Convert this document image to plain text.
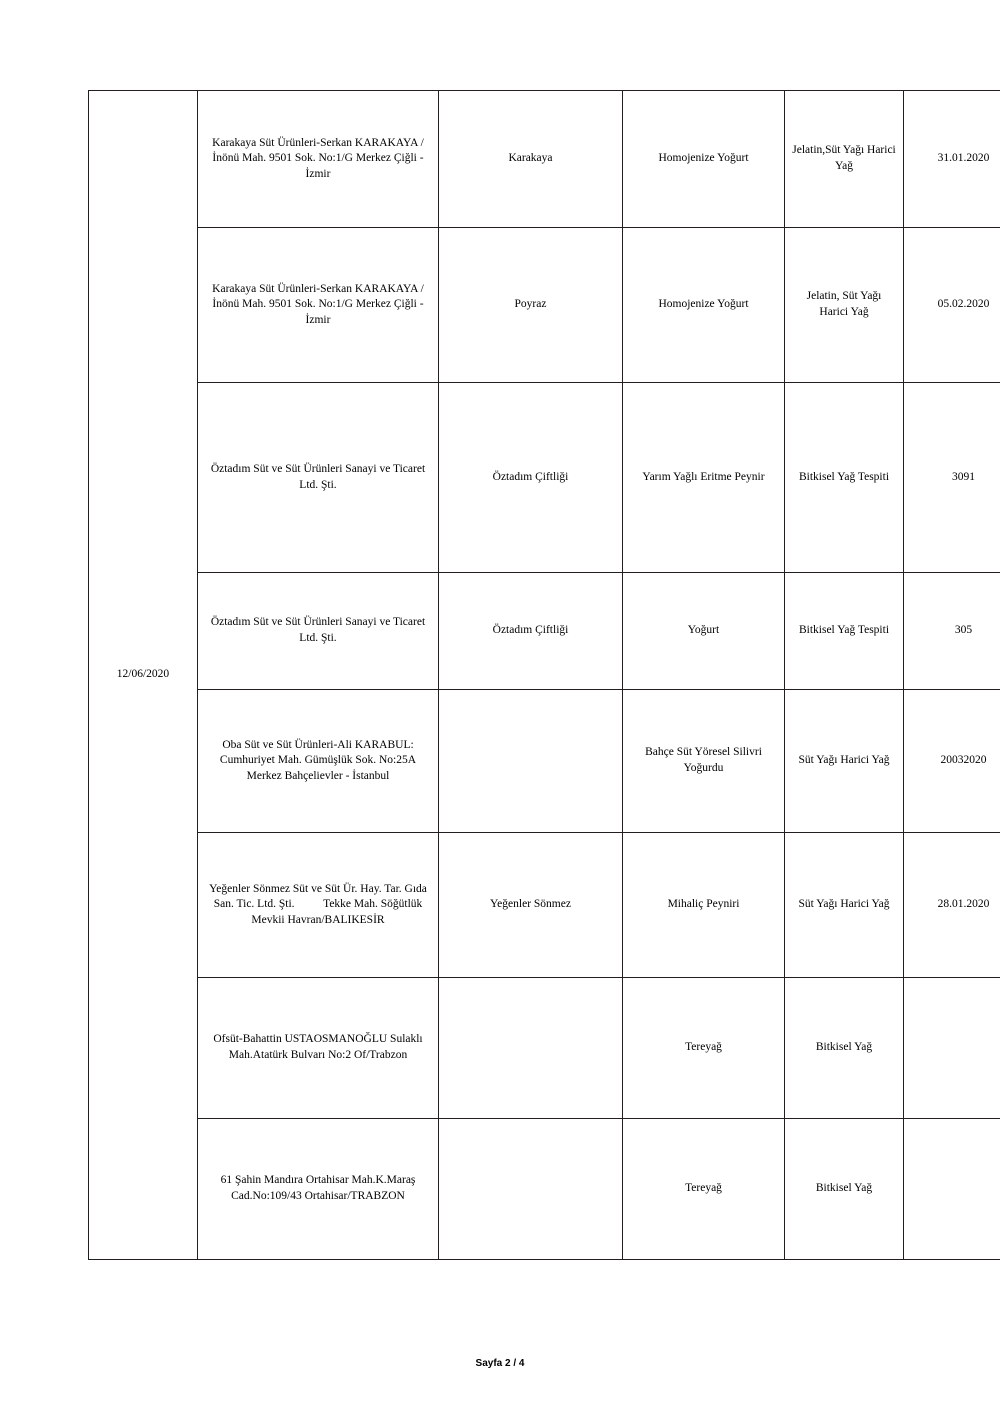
12/06/2020	Karakaya Süt Ürünleri-Serkan KARAKAYA / İnönü Mah. 9501 Sok. No:1/G Merkez Çiğli - İzmir	Karakaya	Homojenize Yoğurt	Jelatin,Süt Yağı Harici Yağ	31.01.2020
	Karakaya Süt Ürünleri-Serkan KARAKAYA / İnönü Mah. 9501 Sok. No:1/G Merkez Çiğli - İzmir	Poyraz	Homojenize Yoğurt	Jelatin, Süt Yağı Harici Yağ	05.02.2020
	Öztadım Süt ve Süt Ürünleri Sanayi ve Ticaret Ltd. Şti.	Öztadım Çiftliği	Yarım Yağlı Eritme Peynir	Bitkisel Yağ Tespiti	3091
	Öztadım Süt ve Süt Ürünleri Sanayi ve Ticaret Ltd. Şti.	Öztadım Çiftliği	Yoğurt	Bitkisel Yağ Tespiti	305
	Oba Süt ve Süt Ürünleri-Ali KARABUL: Cumhuriyet Mah. Gümüşlük Sok. No:25A Merkez Bahçelievler - İstanbul		Bahçe Süt Yöresel Silivri Yoğurdu	Süt Yağı Harici Yağ	20032020
	Yeğenler Sönmez Süt ve Süt Ür. Hay. Tar. Gıda San. Tic. Ltd. Şti.          Tekke Mah. Söğütlük Mevkii Havran/BALIKESİR	Yeğenler Sönmez	Mihaliç Peyniri	Süt Yağı Harici Yağ	28.01.2020
	Ofsüt-Bahattin USTAOSMANOĞLU Sulaklı Mah.Atatürk Bulvarı No:2 Of/Trabzon		Tereyağ	Bitkisel Yağ	
	61 Şahin Mandıra Ortahisar Mah.K.Maraş Cad.No:109/43 Ortahisar/TRABZON		Tereyağ	Bitkisel Yağ	
Sayfa 2 / 4
